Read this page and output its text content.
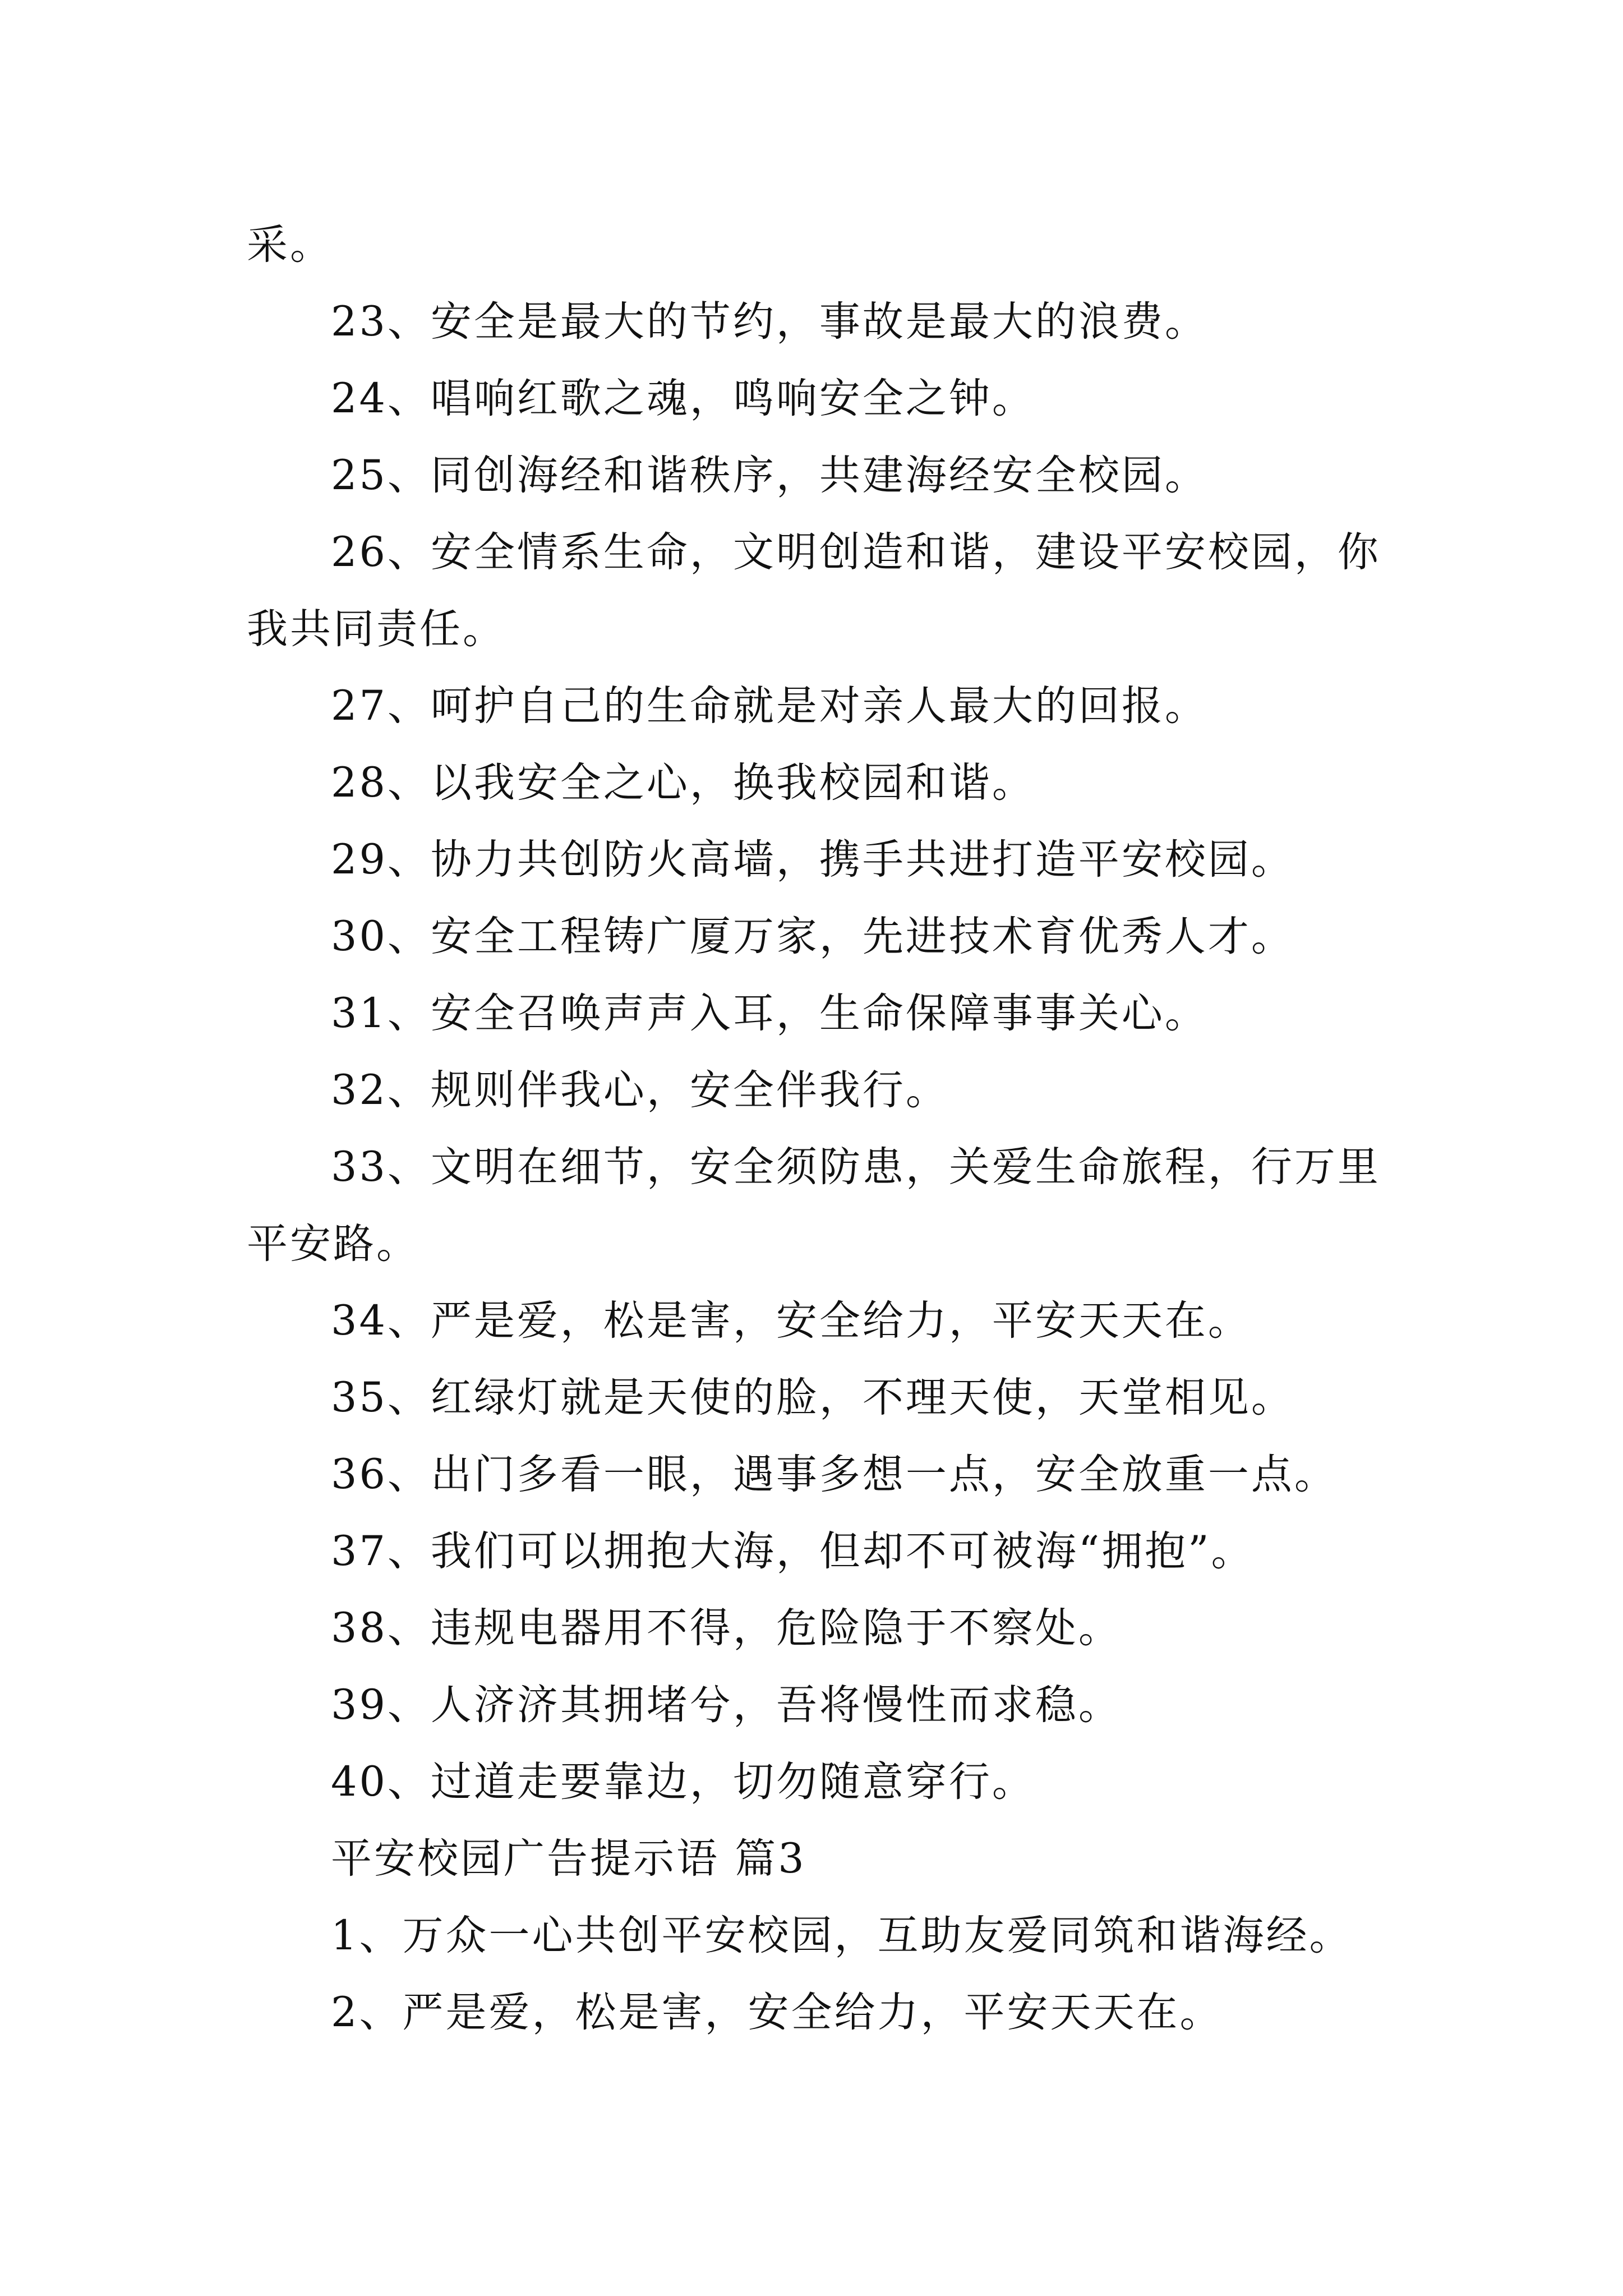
采。
23、安全是最大的节约，事故是最大的浪费。
24、唱响红歌之魂，鸣响安全之钟。
25、同创海经和谐秩序，共建海经安全校园。
26、安全情系生命，文明创造和谐，建设平安校园，你
我共同责任。
27、呵护自己的生命就是对亲人最大的回报。
28、以我安全之心，换我校园和谐。
29、协力共创防火高墙，携手共进打造平安校园。
30、安全工程铸广厦万家，先进技术育优秀人才。
31、安全召唤声声入耳，生命保障事事关心。
32、规则伴我心，安全伴我行。
33、文明在细节，安全须防患，关爱生命旅程，行万里
平安路。
34、严是爱，松是害，安全给力，平安天天在。
35、红绿灯就是天使的脸，不理天使，天堂相见。
36、出门多看一眼，遇事多想一点，安全放重一点。
37、我们可以拥抱大海，但却不可被海“拥抱”。
38、违规电器用不得，危险隐于不察处。
39、人济济其拥堵兮，吾将慢性而求稳。
40、过道走要靠边，切勿随意穿行。
平安校园广告提示语 篇3
1、万众一心共创平安校园，互助友爱同筑和谐海经。
2、严是爱，松是害，安全给力，平安天天在。
